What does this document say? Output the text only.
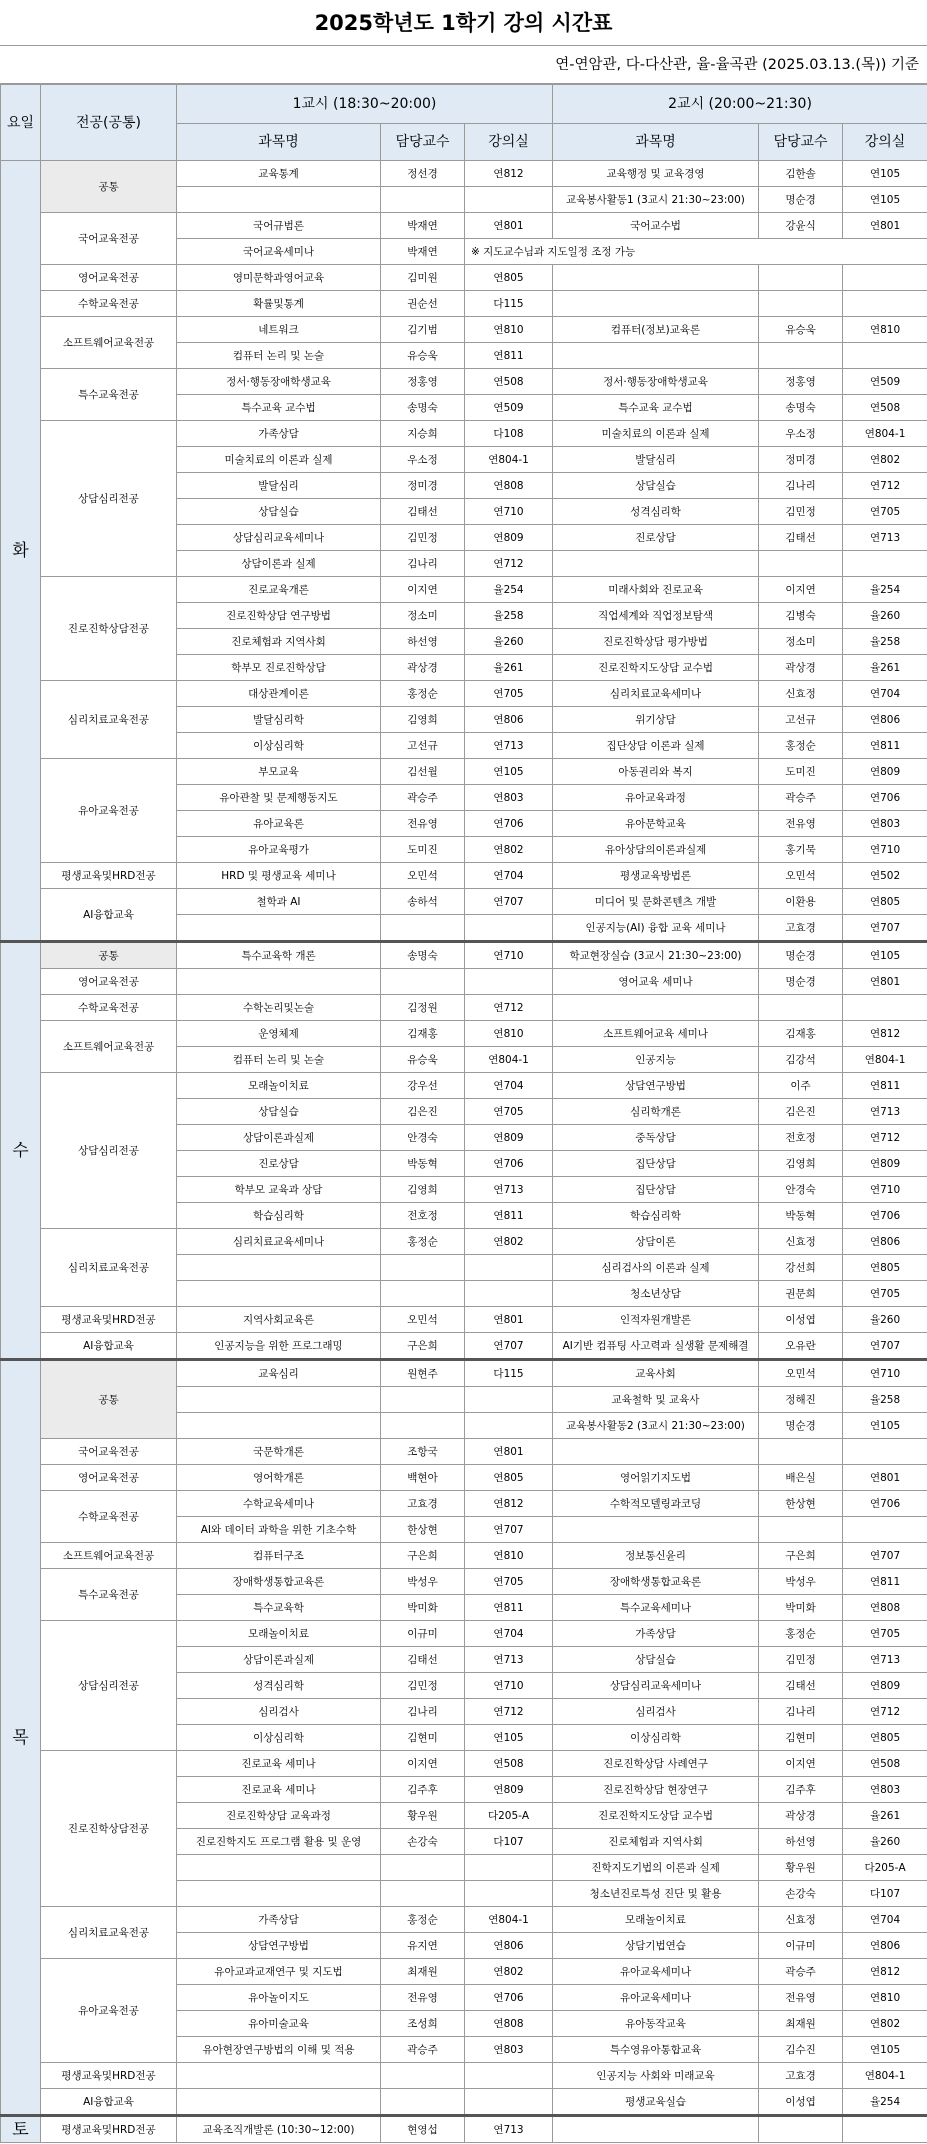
2025학년도 1학기 강의 시간표
연-연암관, 다-다산관, 율-율곡관 (2025.03.13.(목)) 기준
요일	전공(공통)	1교시 (18:30~20:00)			2교시 (20:00~21:30)		
		과목명	담당교수	강의실	과목명	담당교수	강의실
화	공통	교육통계	정선경	연812	교육행정 및 교육경영	김한솔	연105
					교육봉사활동1 (3교시 21:30~23:00)	명순경	연105
	국어교육전공	국어규범론	박재연	연801	국어교수법	강윤식	연801
		국어교육세미나	박재연	※ 지도교수님과 지도일정 조정 가능			
	영어교육전공	영미문학과영어교육	김미원	연805			
	수학교육전공	확률및통계	권순선	다115			
	소프트웨어교육전공	네트워크	김기범	연810	컴퓨터(정보)교육론	유승욱	연810
		컴퓨터 논리 및 논술	유승욱	연811			
	특수교육전공	정서·행동장애학생교육	정홍영	연508	정서·행동장애학생교육	정홍영	연509
		특수교육 교수법	송명숙	연509	특수교육 교수법	송명숙	연508
	상담심리전공	가족상담	지승희	다108	미술치료의 이론과 실제	우소정	연804-1
		미술치료의 이론과 실제	우소정	연804-1	발달심리	정미경	연802
		발달심리	정미경	연808	상담실습	김나리	연712
		상담실습	김태선	연710	성격심리학	김민정	연705
		상담심리교육세미나	김민정	연809	진로상담	김태선	연713
		상담이론과 실제	김나리	연712			
	진로진학상담전공	진로교육개론	이지연	율254	미래사회와 진로교육	이지연	율254
		진로진학상담 연구방법	정소미	율258	직업세계와 직업정보탐색	김병숙	율260
		진로체험과 지역사회	하선영	율260	진로진학상담 평가방법	정소미	율258
		학부모 진로진학상담	곽상경	율261	진로진학지도상담 교수법	곽상경	율261
	심리치료교육전공	대상관계이론	홍정순	연705	심리치료교육세미나	신효정	연704
		발달심리학	김영희	연806	위기상담	고선규	연806
		이상심리학	고선규	연713	집단상담 이론과 실제	홍정순	연811
	유아교육전공	부모교육	김선월	연105	아동권리와 복지	도미진	연809
		유아관찰 및 문제행동지도	곽승주	연803	유아교육과정	곽승주	연706
		유아교육론	전유영	연706	유아문학교육	전유영	연803
		유아교육평가	도미진	연802	유아상담의이론과실제	홍기묵	연710
	평생교육및HRD전공	HRD 및 평생교육 세미나	오민석	연704	평생교육방법론	오민석	연502
	AI융합교육	철학과 AI	송하석	연707	미디어 및 문화콘텐츠 개발	이환용	연805
					인공지능(AI) 융합 교육 세미나	고효경	연707
수	공통	특수교육학 개론	송명숙	연710	학교현장실습 (3교시 21:30~23:00)	명순경	연105
	영어교육전공				영어교육 세미나	명순경	연801
	수학교육전공	수학논리및논술	김정원	연712			
	소프트웨어교육전공	운영체제	김재홍	연810	소프트웨어교육 세미나	김재홍	연812
		컴퓨터 논리 및 논술	유승욱	연804-1	인공지능	김강석	연804-1
	상담심리전공	모래놀이치료	강우선	연704	상담연구방법	이주	연811
		상담실습	김은진	연705	심리학개론	김은진	연713
		상담이론과실제	안경숙	연809	중독상담	전호정	연712
		진로상담	박동혁	연706	집단상담	김영희	연809
		학부모 교육과 상담	김영희	연713	집단상담	안경숙	연710
		학습심리학	전호정	연811	학습심리학	박동혁	연706
	심리치료교육전공	심리치료교육세미나	홍정순	연802	상담이론	신효정	연806
					심리검사의 이론과 실제	강선희	연805
					청소년상담	권문희	연705
	평생교육및HRD전공	지역사회교육론	오민석	연801	인적자원개발론	이성엽	율260
	AI융합교육	인공지능을 위한 프로그래밍	구은희	연707	AI기반 컴퓨팅 사고력과 실생활 문제해결	오유란	연707
목	공통	교육심리	원현주	다115	교육사회	오민석	연710
					교육철학 및 교육사	정해진	율258
					교육봉사활동2 (3교시 21:30~23:00)	명순경	연105
	국어교육전공	국문학개론	조항국	연801			
	영어교육전공	영어학개론	백현아	연805	영어읽기지도법	배은실	연801
	수학교육전공	수학교육세미나	고효경	연812	수학적모델링과코딩	한상현	연706
		AI와 데이터 과학을 위한 기초수학	한상현	연707			
	소프트웨어교육전공	컴퓨터구조	구은희	연810	정보통신윤리	구은희	연707
	특수교육전공	장애학생통합교육론	박성우	연705	장애학생통합교육론	박성우	연811
		특수교육학	박미화	연811	특수교육세미나	박미화	연808
	상담심리전공	모래놀이치료	이규미	연704	가족상담	홍정순	연705
		상담이론과실제	김태선	연713	상담실습	김민정	연713
		성격심리학	김민정	연710	상담심리교육세미나	김태선	연809
		심리검사	김나리	연712	심리검사	김나리	연712
		이상심리학	김현미	연105	이상심리학	김현미	연805
	진로진학상담전공	진로교육 세미나	이지연	연508	진로진학상담 사례연구	이지연	연508
		진로교육 세미나	김주후	연809	진로진학상담 현장연구	김주후	연803
		진로진학상담 교육과정	황우원	다205-A	진로진학지도상담 교수법	곽상경	율261
		진로진학지도 프로그램 활용 및 운영	손강숙	다107	진로체험과 지역사회	하선영	율260
					진학지도기법의 이론과 실제	황우원	다205-A
					청소년진로특성 진단 및 활용	손강숙	다107
	심리치료교육전공	가족상담	홍정순	연804-1	모래놀이치료	신효정	연704
		상담연구방법	유지연	연806	상담기법연습	이규미	연806
	유아교육전공	유아교과교재연구 및 지도법	최재원	연802	유아교육세미나	곽승주	연812
		유아놀이지도	전유영	연706	유아교육세미나	전유영	연810
		유아미술교육	조성희	연808	유아동작교육	최재원	연802
		유아현장연구방법의 이해 및 적용	곽승주	연803	특수영유아통합교육	김수진	연105
	평생교육및HRD전공				인공지능 사회와 미래교육	고효경	연804-1
	AI융합교육				평생교육실습	이성엽	율254
토	평생교육및HRD전공	교육조직개발론 (10:30~12:00)	현영섭	연713			
